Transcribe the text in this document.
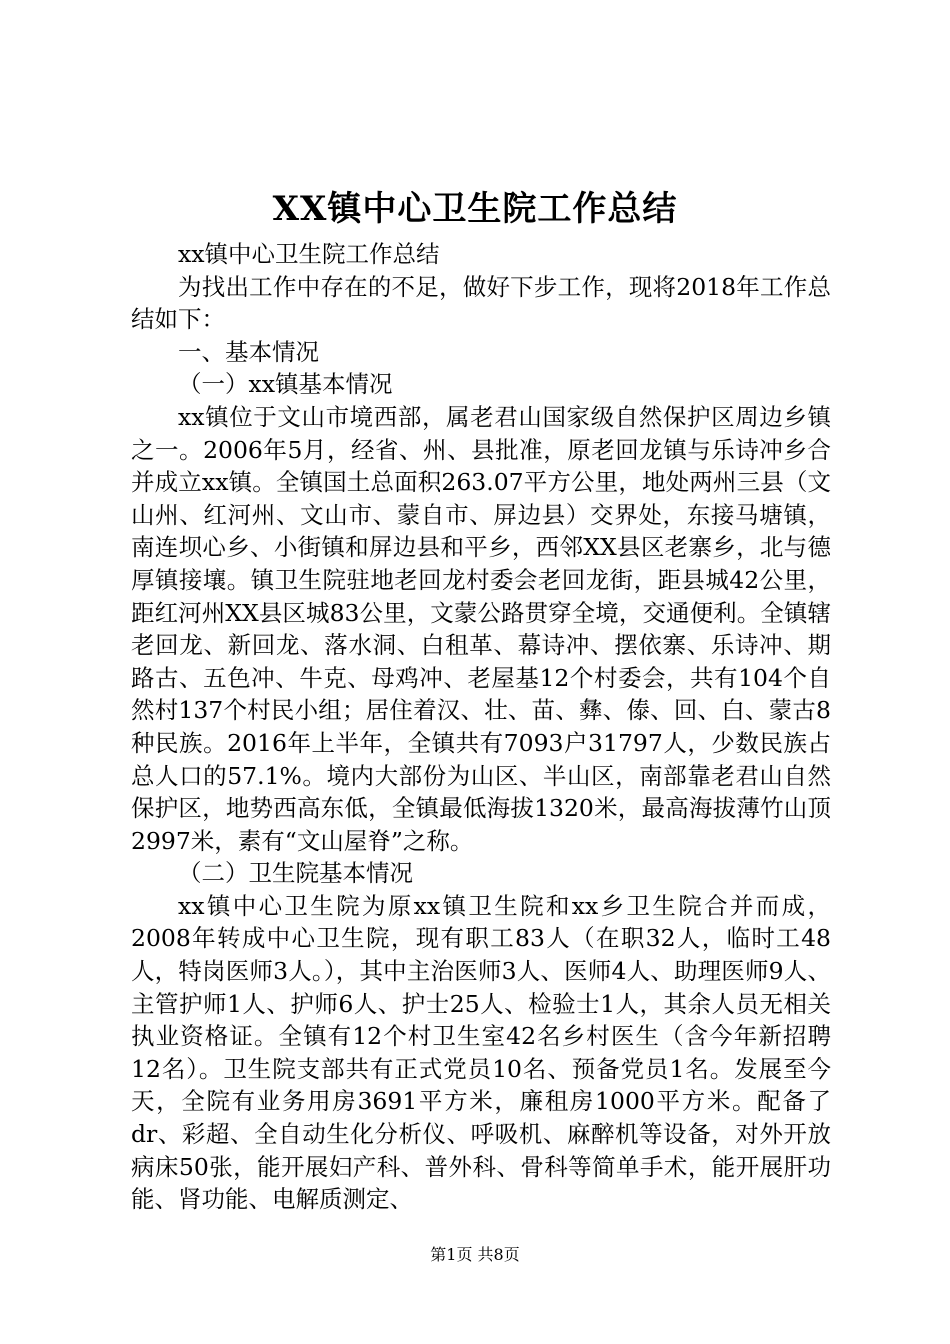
XX镇中心卫生院工作总结

xx镇中心卫生院工作总结

为找出工作中存在的不足，做好下步工作，现将2018年工作总结如下：

一、基本情况

（一）xx镇基本情况

xx镇位于文山市境西部，属老君山国家级自然保护区周边乡镇之一。2006年5月，经省、州、县批准，原老回龙镇与乐诗冲乡合并成立xx镇。全镇国土总面积263.07平方公里，地处两州三县（文山州、红河州、文山市、蒙自市、屏边县）交界处，东接马塘镇，南连坝心乡、小街镇和屏边县和平乡，西邻XX县区老寨乡，北与德厚镇接壤。镇卫生院驻地老回龙村委会老回龙街，距县城42公里，距红河州XX县区城83公里，文蒙公路贯穿全境，交通便利。全镇辖老回龙、新回龙、落水洞、白租革、幕诗冲、摆依寨、乐诗冲、期路古、五色冲、牛克、母鸡冲、老屋基12个村委会，共有104个自然村137个村民小组；居住着汉、壮、苗、彝、傣、回、白、蒙古8种民族。2016年上半年，全镇共有7093户31797人，少数民族占总人口的57.1%。境内大部份为山区、半山区，南部靠老君山自然保护区，地势西高东低，全镇最低海拔1320米，最高海拔薄竹山顶2997米，素有“文山屋脊”之称。

（二）卫生院基本情况

xx镇中心卫生院为原xx镇卫生院和xx乡卫生院合并而成，2008年转成中心卫生院，现有职工83人（在职32人，临时工48人，特岗医师3人。），其中主治医师3人、医师4人、助理医师9人、主管护师1人、护师6人、护士25人、检验士1人，其余人员无相关执业资格证。全镇有12个村卫生室42名乡村医生（含今年新招聘12名）。卫生院支部共有正式党员10名、预备党员1名。发展至今天，全院有业务用房3691平方米，廉租房1000平方米。配备了dr、彩超、全自动生化分析仪、呼吸机、麻醉机等设备，对外开放病床50张，能开展妇产科、普外科、骨科等简单手术，能开展肝功能、肾功能、电解质测定、

第1页 共8页
